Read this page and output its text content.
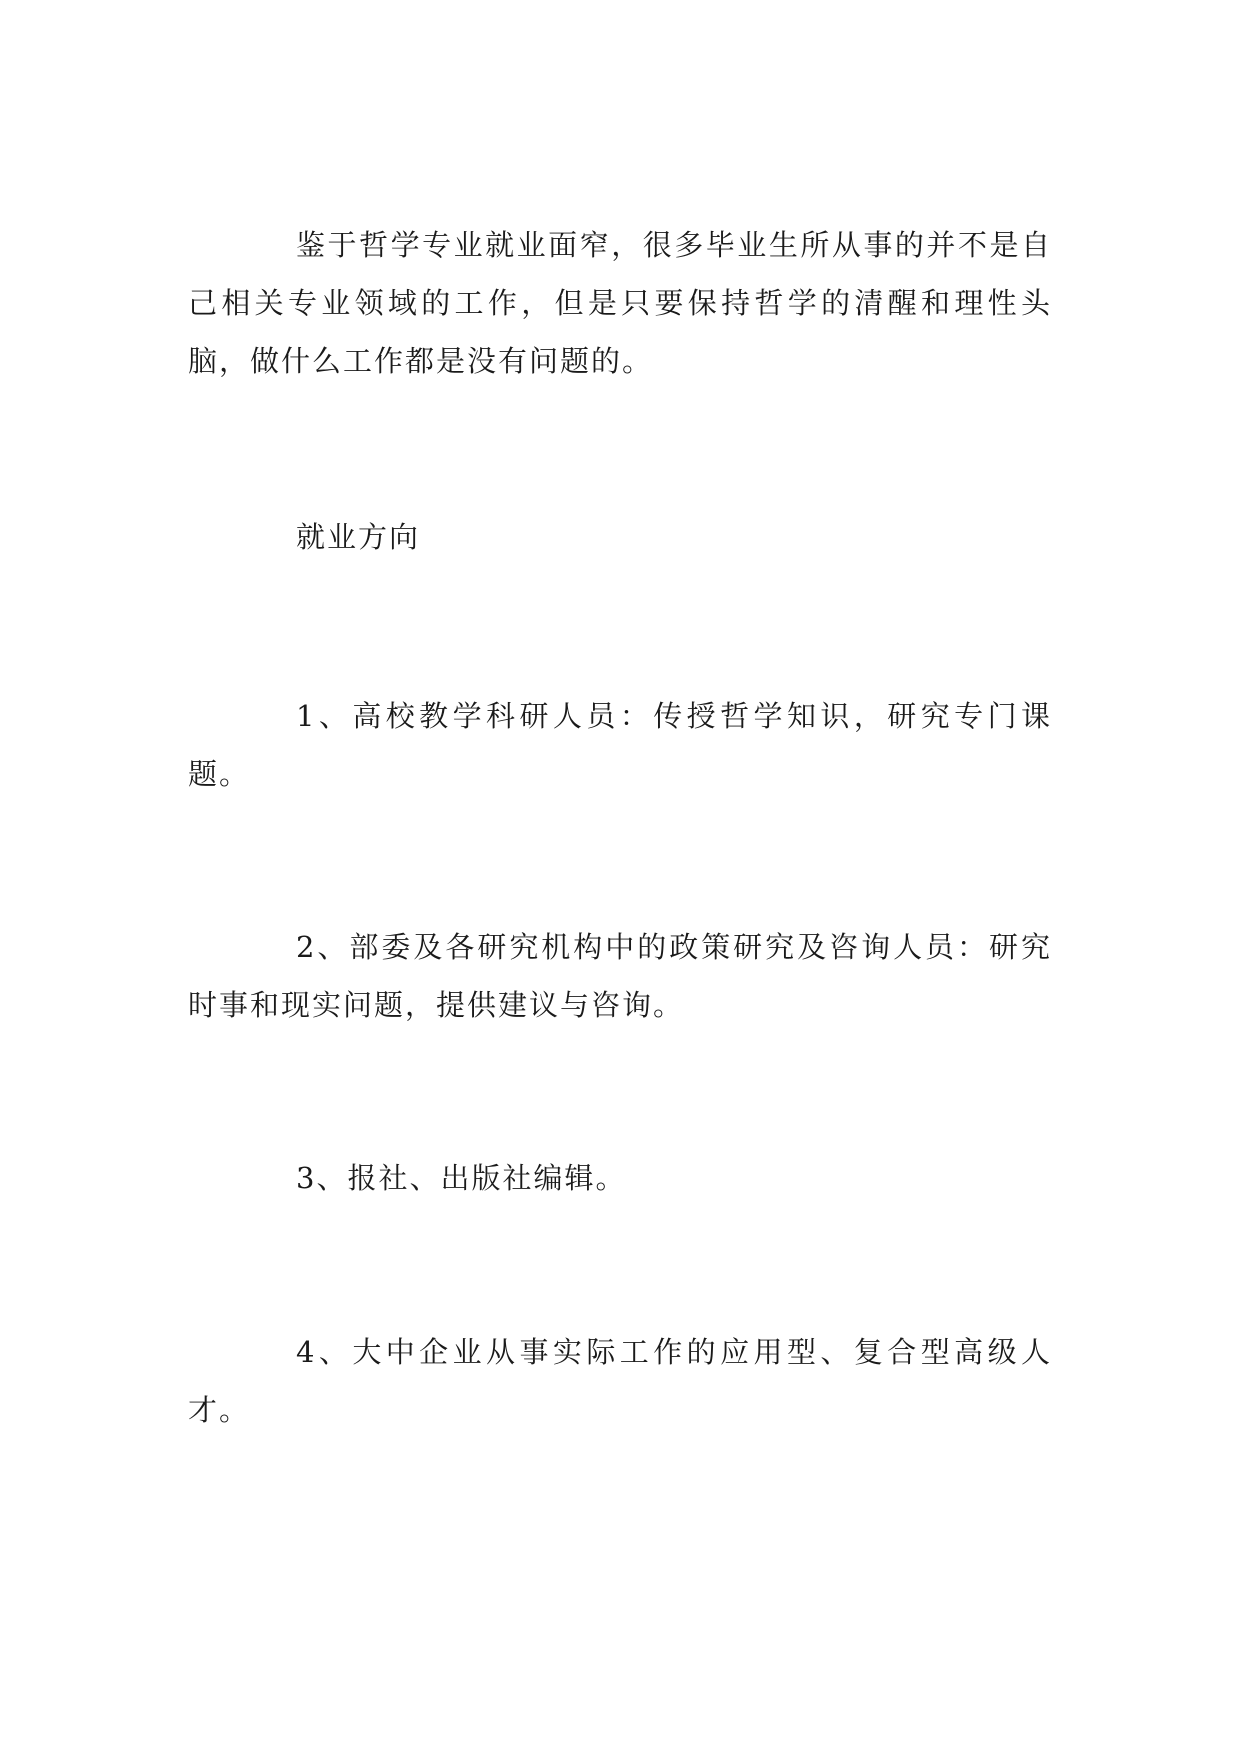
鉴于哲学专业就业面窄，很多毕业生所从事的并不是自己相关专业领域的工作，但是只要保持哲学的清醒和理性头脑，做什么工作都是没有问题的。

就业方向

1、高校教学科研人员：传授哲学知识，研究专门课题。

2、部委及各研究机构中的政策研究及咨询人员：研究时事和现实问题，提供建议与咨询。

3、报社、出版社编辑。

4、大中企业从事实际工作的应用型、复合型高级人才。
